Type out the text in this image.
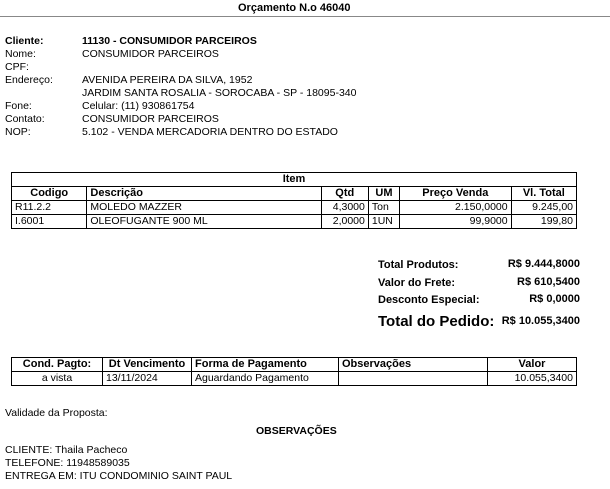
Orçamento N.o 46040
Cliente:	11130 - CONSUMIDOR PARCEIROS
Nome:	CONSUMIDOR PARCEIROS
CPF:
Endereço:	AVENIDA PEREIRA DA SILVA, 1952
JARDIM SANTA ROSALIA - SOROCABA - SP - 18095-340
Fone:	Celular: (11) 930861754
Contato:	CONSUMIDOR PARCEIROS
NOP:	5.102 - VENDA MERCADORIA DENTRO DO ESTADO
Item					
Codigo	Descrição	Qtd	UM	Preço Venda	Vl. Total
R11.2.2	MOLEDO MAZZER	4,3000	Ton	2.150,0000	9.245,00
I.6001	OLEOFUGANTE 900 ML	2,0000	1UN	99,9000	199,80
Total Produtos:	R$ 9.444,8000
Valor do Frete:	R$ 610,5400
Desconto Especial:	R$ 0,0000
Total do Pedido: R$ 10.055,3400
Cond. Pagto:	Dt Vencimento	Forma de Pagamento	Observações	Valor
a vista	13/11/2024	Aguardando Pagamento		10.055,3400
Validade da Proposta:
OBSERVAÇÕES
CLIENTE: Thaila Pacheco
TELEFONE: 11948589035
ENTREGA EM: ITU CONDOMINIO SAINT PAUL
